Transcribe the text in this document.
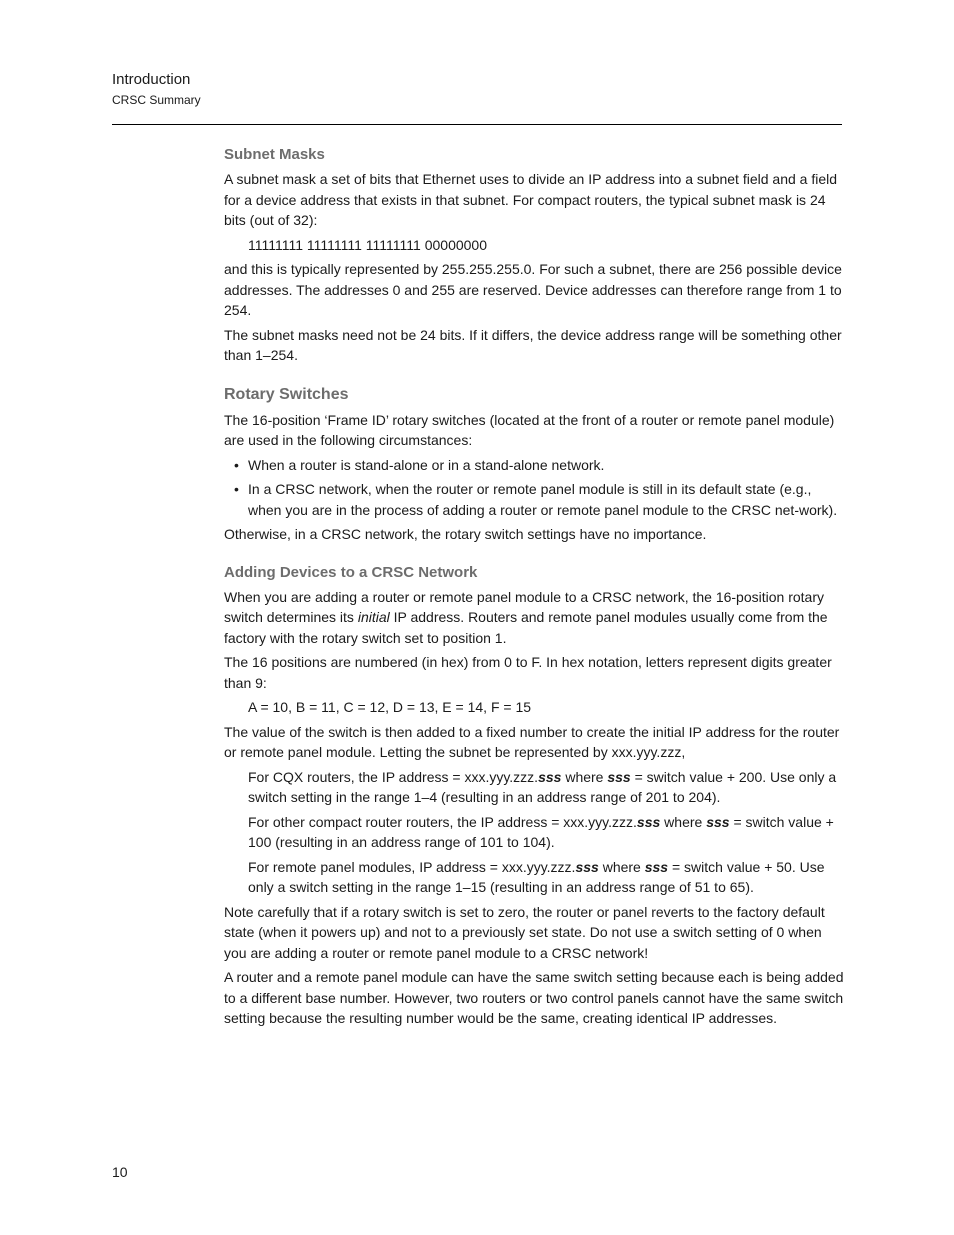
Introduction
CRSC Summary
Subnet Masks

A subnet mask a set of bits that Ethernet uses to divide an IP address into a subnet field and a field for a device address that exists in that subnet. For compact routers, the typical subnet mask is 24 bits (out of 32):

11111111 11111111 11111111 00000000

and this is typically represented by 255.255.255.0. For such a subnet, there are 256 possible device addresses. The addresses 0 and 255 are reserved. Device addresses can therefore range from 1 to 254.

The subnet masks need not be 24 bits. If it differs, the device address range will be something other than 1–254.

Rotary Switches

The 16-position ‘Frame ID’ rotary switches (located at the front of a router or remote panel module) are used in the following circumstances:

• When a router is stand-alone or in a stand-alone network.
• In a CRSC network, when the router or remote panel module is still in its default state (e.g., when you are in the process of adding a router or remote panel module to the CRSC net-work).

Otherwise, in a CRSC network, the rotary switch settings have no importance.

Adding Devices to a CRSC Network

When you are adding a router or remote panel module to a CRSC network, the 16-position rotary switch determines its initial IP address. Routers and remote panel modules usually come from the factory with the rotary switch set to position 1.

The 16 positions are numbered (in hex) from 0 to F. In hex notation, letters represent digits greater than 9:

A = 10, B = 11, C = 12, D = 13, E = 14, F = 15

The value of the switch is then added to a fixed number to create the initial IP address for the router or remote panel module. Letting the subnet be represented by xxx.yyy.zzz,

For CQX routers, the IP address = xxx.yyy.zzz.sss where sss = switch value + 200. Use only a switch setting in the range 1–4 (resulting in an address range of 201 to 204).

For other compact router routers, the IP address = xxx.yyy.zzz.sss where sss = switch value + 100 (resulting in an address range of 101 to 104).

For remote panel modules, IP address = xxx.yyy.zzz.sss where sss = switch value + 50. Use only a switch setting in the range 1–15 (resulting in an address range of 51 to 65).

Note carefully that if a rotary switch is set to zero, the router or panel reverts to the factory default state (when it powers up) and not to a previously set state. Do not use a switch setting of 0 when you are adding a router or remote panel module to a CRSC network!

A router and a remote panel module can have the same switch setting because each is being added to a different base number. However, two routers or two control panels cannot have the same switch setting because the resulting number would be the same, creating identical IP addresses.

10
